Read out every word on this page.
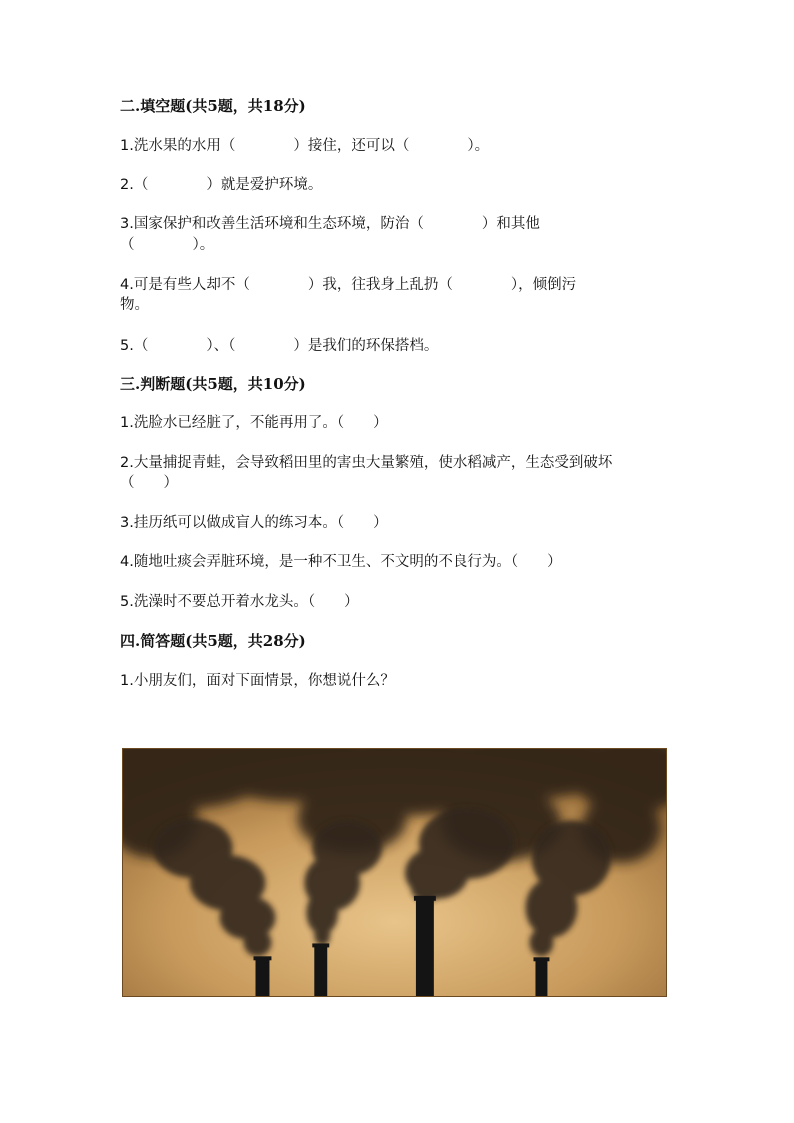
二.填空题(共5题，共18分)
1.洗水果的水用（　　　　）接住，还可以（　　　　）。
2.（　　　　）就是爱护环境。
3.国家保护和改善生活环境和生态环境，防治（　　　　）和其他
（　　　　）。
4.可是有些人却不（　　　　）我，往我身上乱扔（　　　　），倾倒污
物。
5.（　　　　）、（　　　　）是我们的环保搭档。
三.判断题(共5题，共10分)
1.洗脸水已经脏了，不能再用了。（　　）
2.大量捕捉青蛙，会导致稻田里的害虫大量繁殖，使水稻减产，生态受到破坏
（　　）
3.挂历纸可以做成盲人的练习本。（　　）
4.随地吐痰会弄脏环境，是一种不卫生、不文明的不良行为。（　　）
5.洗澡时不要总开着水龙头。（　　）
四.简答题(共5题，共28分)
1.小朋友们，面对下面情景，你想说什么？
